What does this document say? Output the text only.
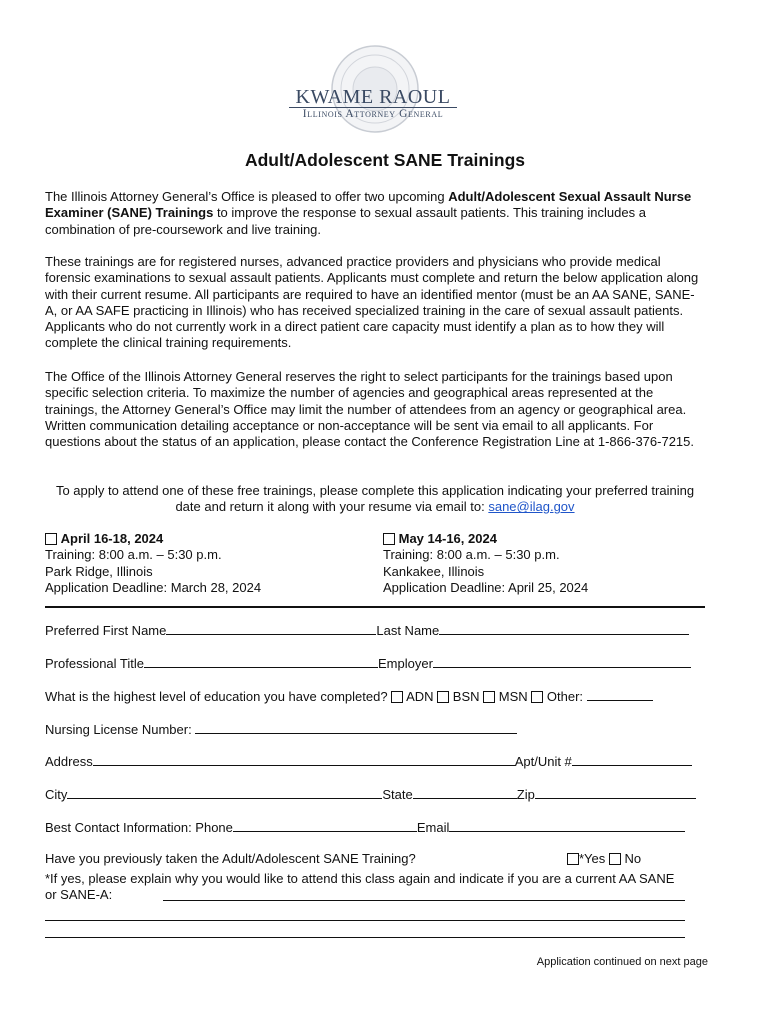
KWAME RAOUL
Illinois Attorney General
Adult/Adolescent SANE Trainings
The Illinois Attorney General’s Office is pleased to offer two upcoming Adult/Adolescent Sexual Assault Nurse Examiner (SANE) Trainings to improve the response to sexual assault patients. This training includes a combination of pre-coursework and live training.
These trainings are for registered nurses, advanced practice providers and physicians who provide medical forensic examinations to sexual assault patients. Applicants must complete and return the below application along with their current resume. All participants are required to have an identified mentor (must be an AA SANE, SANE-A, or AA SAFE practicing in Illinois) who has received specialized training in the care of sexual assault patients. Applicants who do not currently work in a direct patient care capacity must identify a plan as to how they will complete the clinical training requirements.
The Office of the Illinois Attorney General reserves the right to select participants for the trainings based upon specific selection criteria. To maximize the number of agencies and geographical areas represented at the trainings, the Attorney General’s Office may limit the number of attendees from an agency or geographical area. Written communication detailing acceptance or non-acceptance will be sent via email to all applicants. For questions about the status of an application, please contact the Conference Registration Line at 1-866-376-7215.
To apply to attend one of these free trainings, please complete this application indicating your preferred training date and return it along with your resume via email to: sane@ilag.gov
April 16-18, 2024
Training: 8:00 a.m. – 5:30 p.m.
Park Ridge, Illinois
Application Deadline: March 28, 2024
May 14-16, 2024
Training: 8:00 a.m. – 5:30 p.m.
Kankakee, Illinois
Application Deadline: April 25, 2024
Preferred First Name	Last Name
Professional Title	Employer
What is the highest level of education you have completed? ADN BSN MSN Other:
Nursing License Number:
Address	Apt/Unit #
City	State	Zip
Best Contact Information: Phone	Email
Have you previously taken the Adult/Adolescent SANE Training?	*Yes No
*If yes, please explain why you would like to attend this class again and indicate if you are a current AA SANE or SANE-A:
Application continued on next page
